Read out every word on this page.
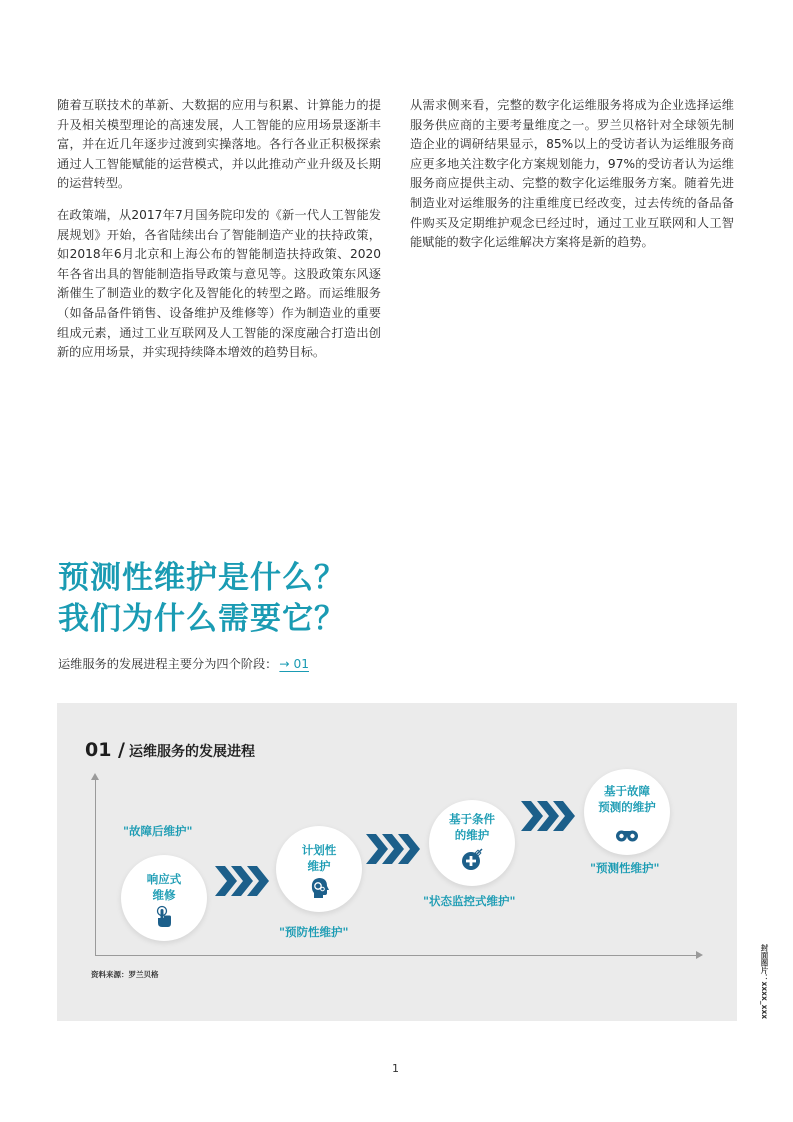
随着互联技术的革新、大数据的应用与积累、计算能力的提升及相关模型理论的高速发展，人工智能的应用场景逐渐丰富，并在近几年逐步过渡到实操落地。各行各业正积极探索通过人工智能赋能的运营模式，并以此推动产业升级及长期的运营转型。

在政策端，从2017年7月国务院印发的《新一代人工智能发展规划》开始，各省陆续出台了智能制造产业的扶持政策，如2018年6月北京和上海公布的智能制造扶持政策、2020年各省出具的智能制造指导政策与意见等。这股政策东风逐渐催生了制造业的数字化及智能化的转型之路。而运维服务（如备品备件销售、设备维护及维修等）作为制造业的重要组成元素，通过工业互联网及人工智能的深度融合打造出创新的应用场景，并实现持续降本增效的趋势目标。

从需求侧来看，完整的数字化运维服务将成为企业选择运维服务供应商的主要考量维度之一。罗兰贝格针对全球领先制造企业的调研结果显示，85%以上的受访者认为运维服务商应更多地关注数字化方案规划能力，97%的受访者认为运维服务商应提供主动、完整的数字化运维服务方案。随着先进制造业对运维服务的注重维度已经改变，过去传统的备品备件购买及定期维护观念已经过时，通过工业互联网和人工智能赋能的数字化运维解决方案将是新的趋势。

预测性维护是什么？
我们为什么需要它？
运维服务的发展进程主要分为四个阶段： → 01
01 / 运维服务的发展进程
"故障后维护"
响应式
维修
计划性
维护
"预防性维护"
基于条件
的维护
"状态监控式维护"
基于故障
预测的维护
"预测性维护"
资料来源：罗兰贝格	封面图片：xxxx_xxx
1
